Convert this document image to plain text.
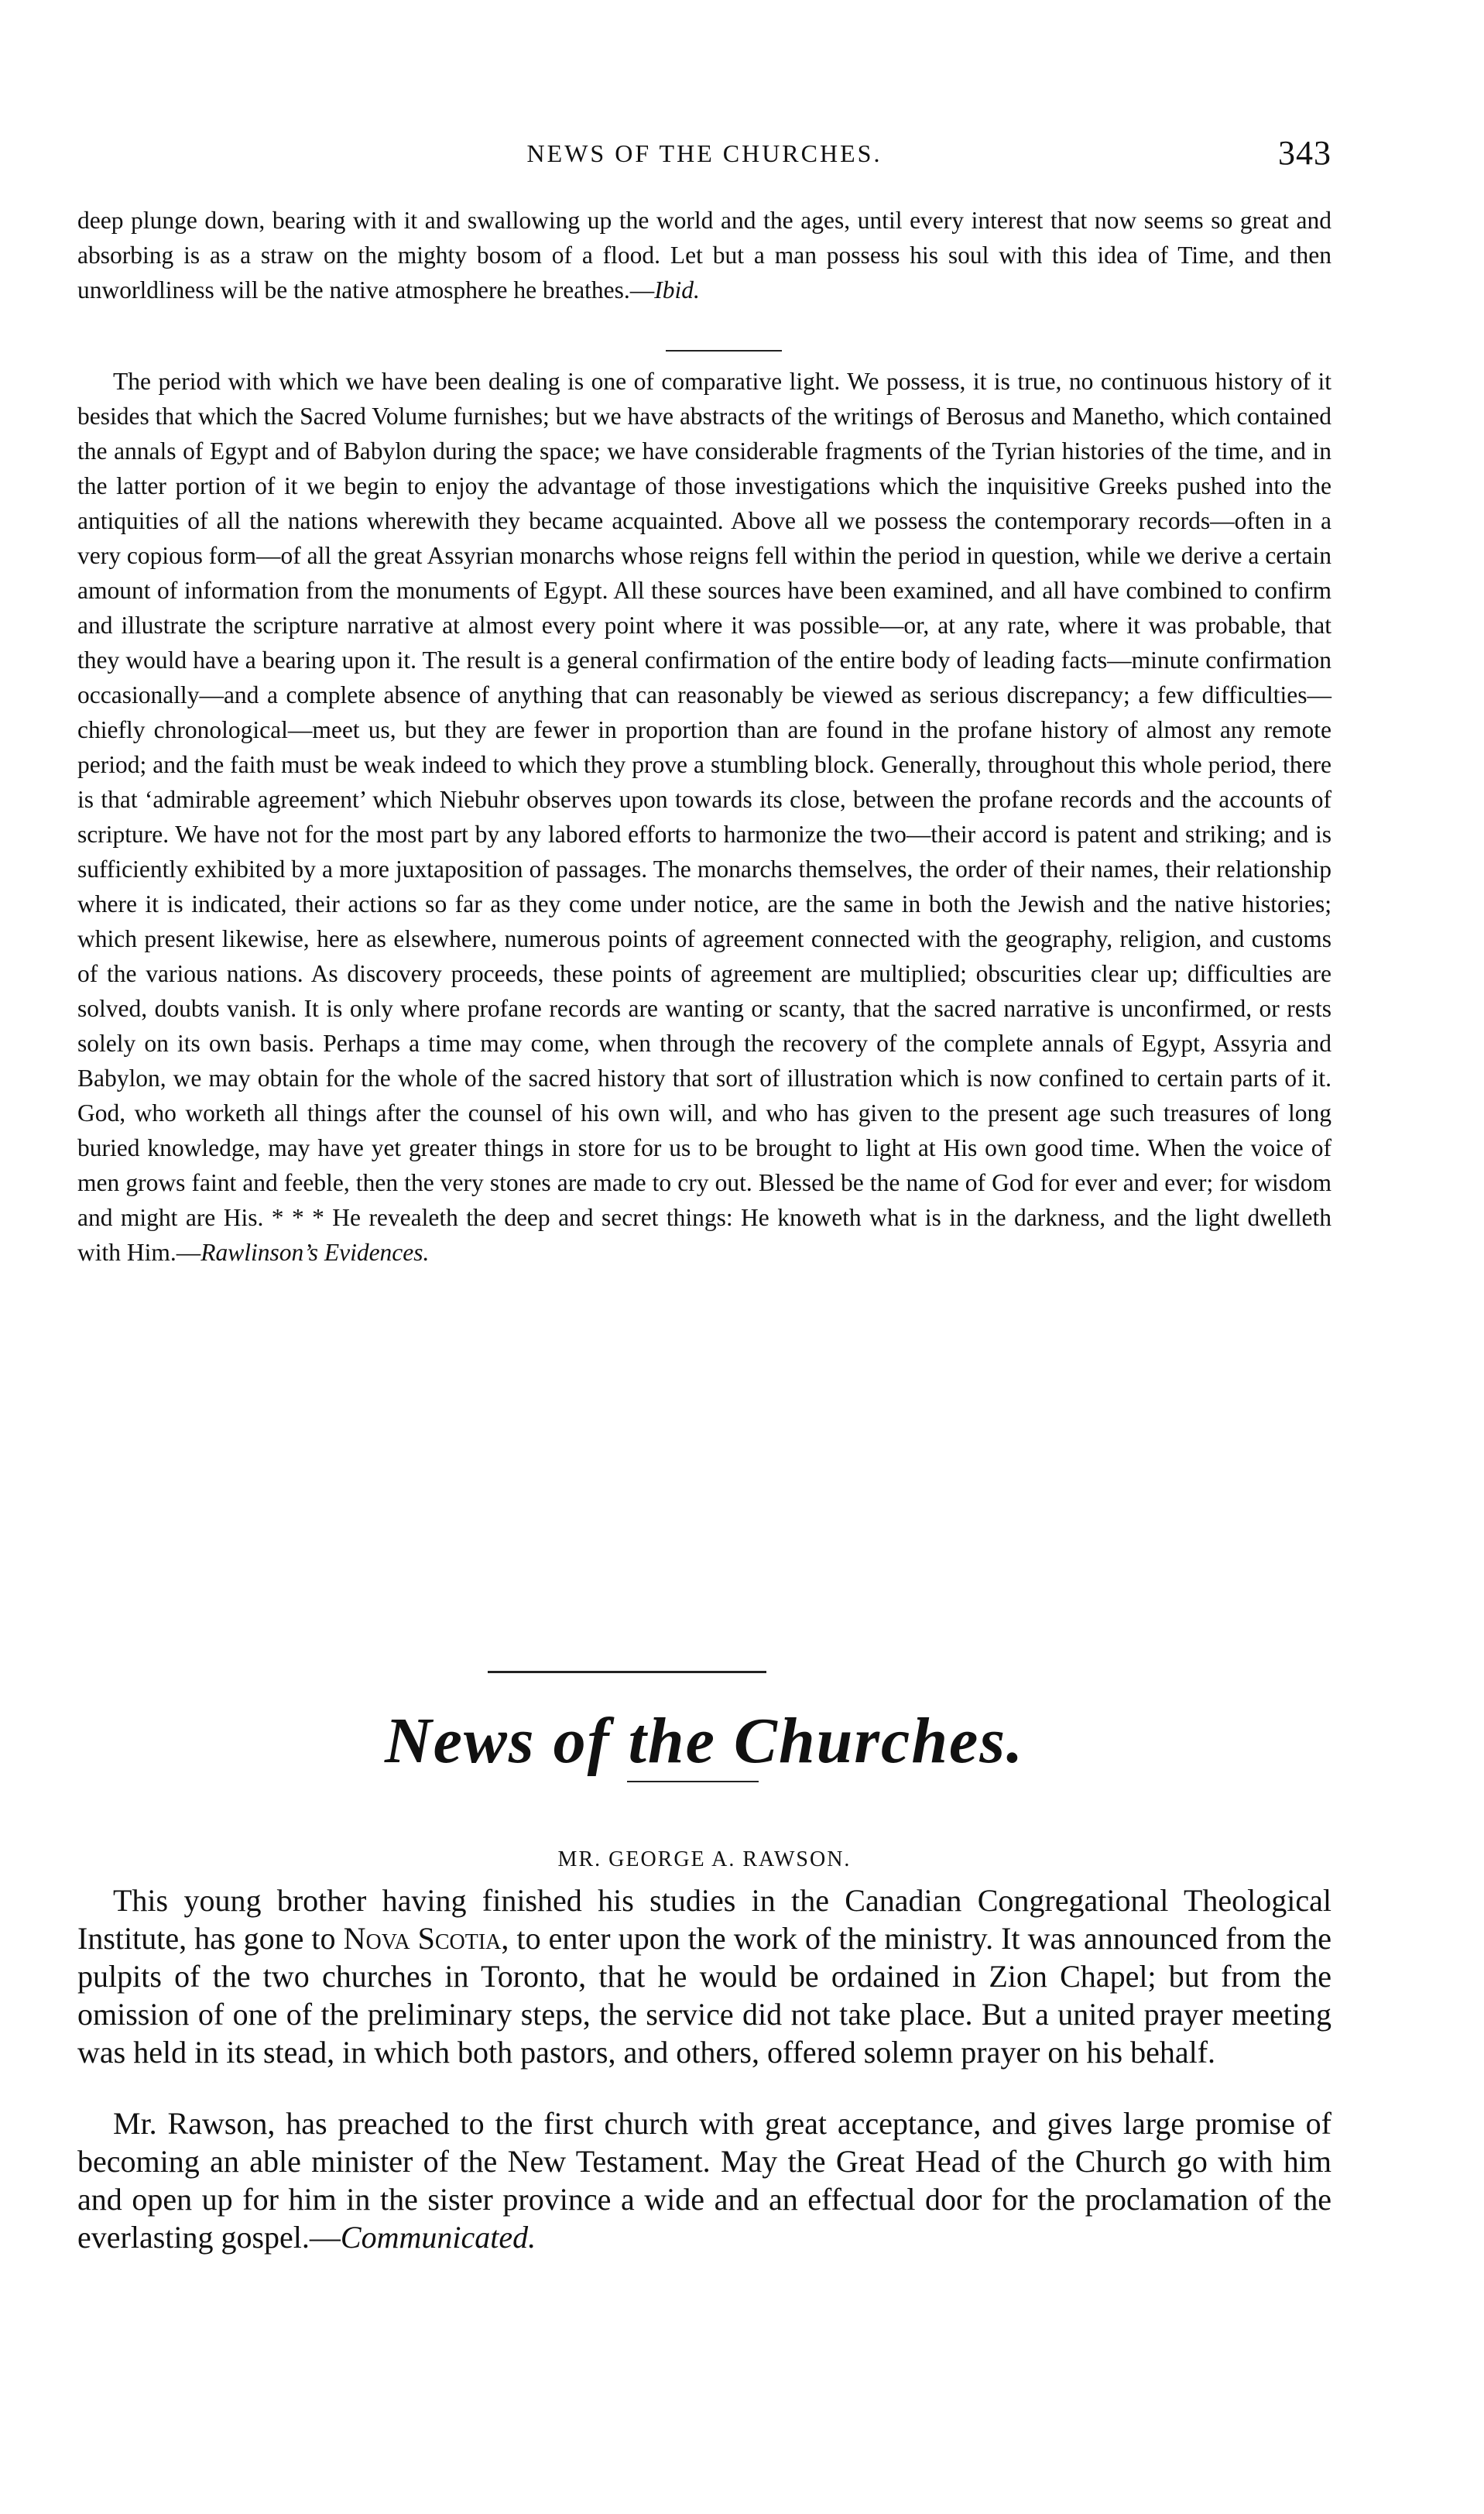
NEWS OF THE CHURCHES.	343

deep plunge down, bearing with it and swallowing up the world and the ages, until every interest that now seems so great and absorbing is as a straw on the mighty bosom of a flood. Let but a man possess his soul with this idea of Time, and then unworldliness will be the native atmosphere he breathes.—Ibid.

The period with which we have been dealing is one of comparative light. We possess, it is true, no continuous history of it besides that which the Sacred Volume furnishes; but we have abstracts of the writings of Berosus and Manetho, which contained the annals of Egypt and of Babylon during the space; we have considerable fragments of the Tyrian histories of the time, and in the latter portion of it we begin to enjoy the advantage of those investigations which the inquisitive Greeks pushed into the antiquities of all the nations wherewith they became acquainted. Above all we possess the contemporary records—often in a very copious form—of all the great Assyrian monarchs whose reigns fell within the period in question, while we derive a certain amount of information from the monuments of Egypt. All these sources have been examined, and all have combined to confirm and illustrate the scripture narrative at almost every point where it was possible—or, at any rate, where it was probable, that they would have a bearing upon it. The result is a general confirmation of the entire body of leading facts—minute confirmation occasionally—and a complete absence of anything that can reasonably be viewed as serious discrepancy; a few difficulties—chiefly chronological—meet us, but they are fewer in proportion than are found in the profane history of almost any remote period; and the faith must be weak indeed to which they prove a stumbling block. Generally, throughout this whole period, there is that ‘admirable agreement’ which Niebuhr observes upon towards its close, between the profane records and the accounts of scripture. We have not for the most part by any labored efforts to harmonize the two—their accord is patent and striking; and is sufficiently exhibited by a more juxtaposition of passages. The monarchs themselves, the order of their names, their relationship where it is indicated, their actions so far as they come under notice, are the same in both the Jewish and the native histories; which present likewise, here as elsewhere, numerous points of agreement connected with the geography, religion, and customs of the various nations. As discovery proceeds, these points of agreement are multiplied; obscurities clear up; difficulties are solved, doubts vanish. It is only where profane records are wanting or scanty, that the sacred narrative is unconfirmed, or rests solely on its own basis. Perhaps a time may come, when through the recovery of the complete annals of Egypt, Assyria and Babylon, we may obtain for the whole of the sacred history that sort of illustration which is now confined to certain parts of it. God, who worketh all things after the counsel of his own will, and who has given to the present age such treasures of long buried knowledge, may have yet greater things in store for us to be brought to light at His own good time. When the voice of men grows faint and feeble, then the very stones are made to cry out. Blessed be the name of God for ever and ever; for wisdom and might are His. * * * He revealeth the deep and secret things: He knoweth what is in the darkness, and the light dwelleth with Him.—Rawlinson’s Evidences.

News of the Churches.
MR. GEORGE A. RAWSON.

This young brother having finished his studies in the Canadian Congregational Theological Institute, has gone to Nova Scotia, to enter upon the work of the ministry. It was announced from the pulpits of the two churches in Toronto, that he would be ordained in Zion Chapel; but from the omission of one of the preliminary steps, the service did not take place. But a united prayer meeting was held in its stead, in which both pastors, and others, offered solemn prayer on his behalf.

Mr. Rawson, has preached to the first church with great acceptance, and gives large promise of becoming an able minister of the New Testament. May the Great Head of the Church go with him and open up for him in the sister province a wide and an effectual door for the proclamation of the everlasting gospel.—Communicated.
